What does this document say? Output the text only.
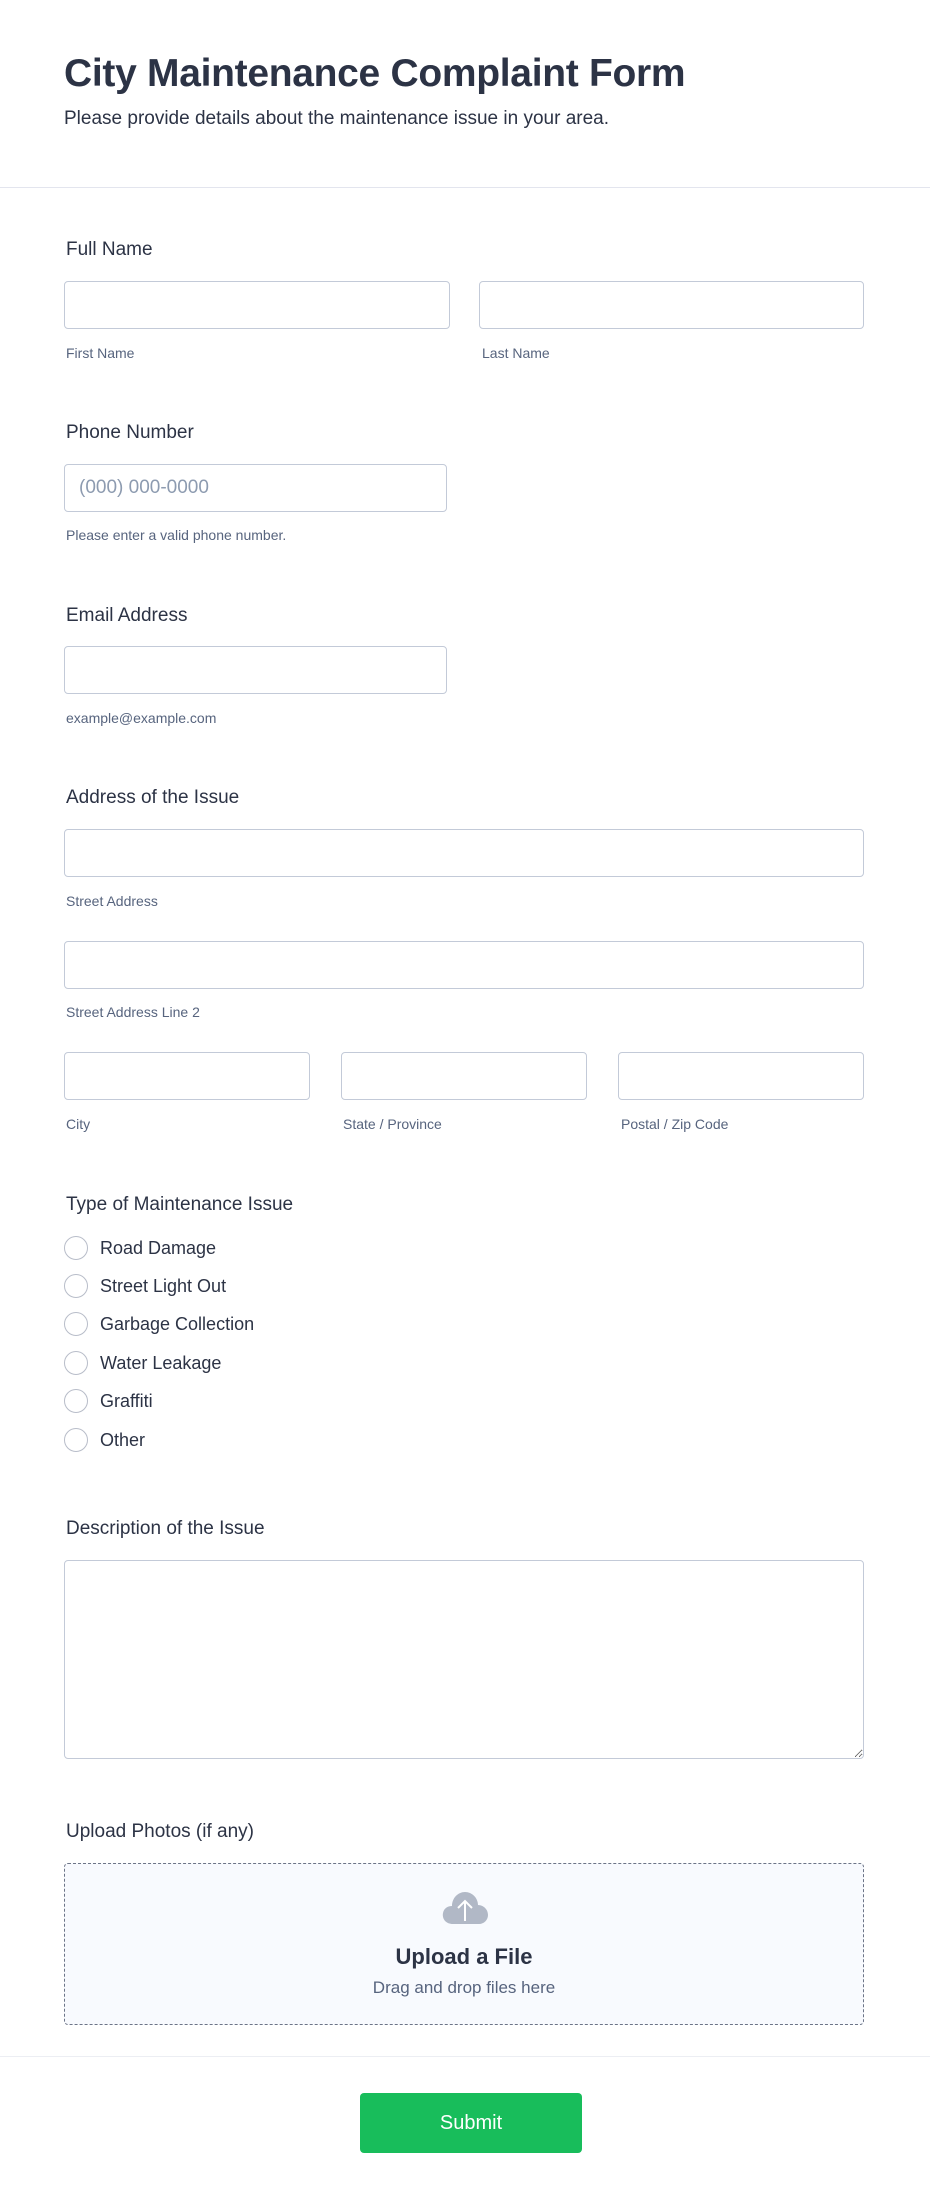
City Maintenance Complaint Form
Please provide details about the maintenance issue in your area.
Full Name
First Name	Last Name
Phone Number
(000) 000-0000
Please enter a valid phone number.
Email Address
example@example.com
Address of the Issue
Street Address
Street Address Line 2
City	State / Province	Postal / Zip Code
Type of Maintenance Issue
Road Damage
Street Light Out
Garbage Collection
Water Leakage
Graffiti
Other
Description of the Issue
Upload Photos (if any)
Upload a File
Drag and drop files here
Submit
